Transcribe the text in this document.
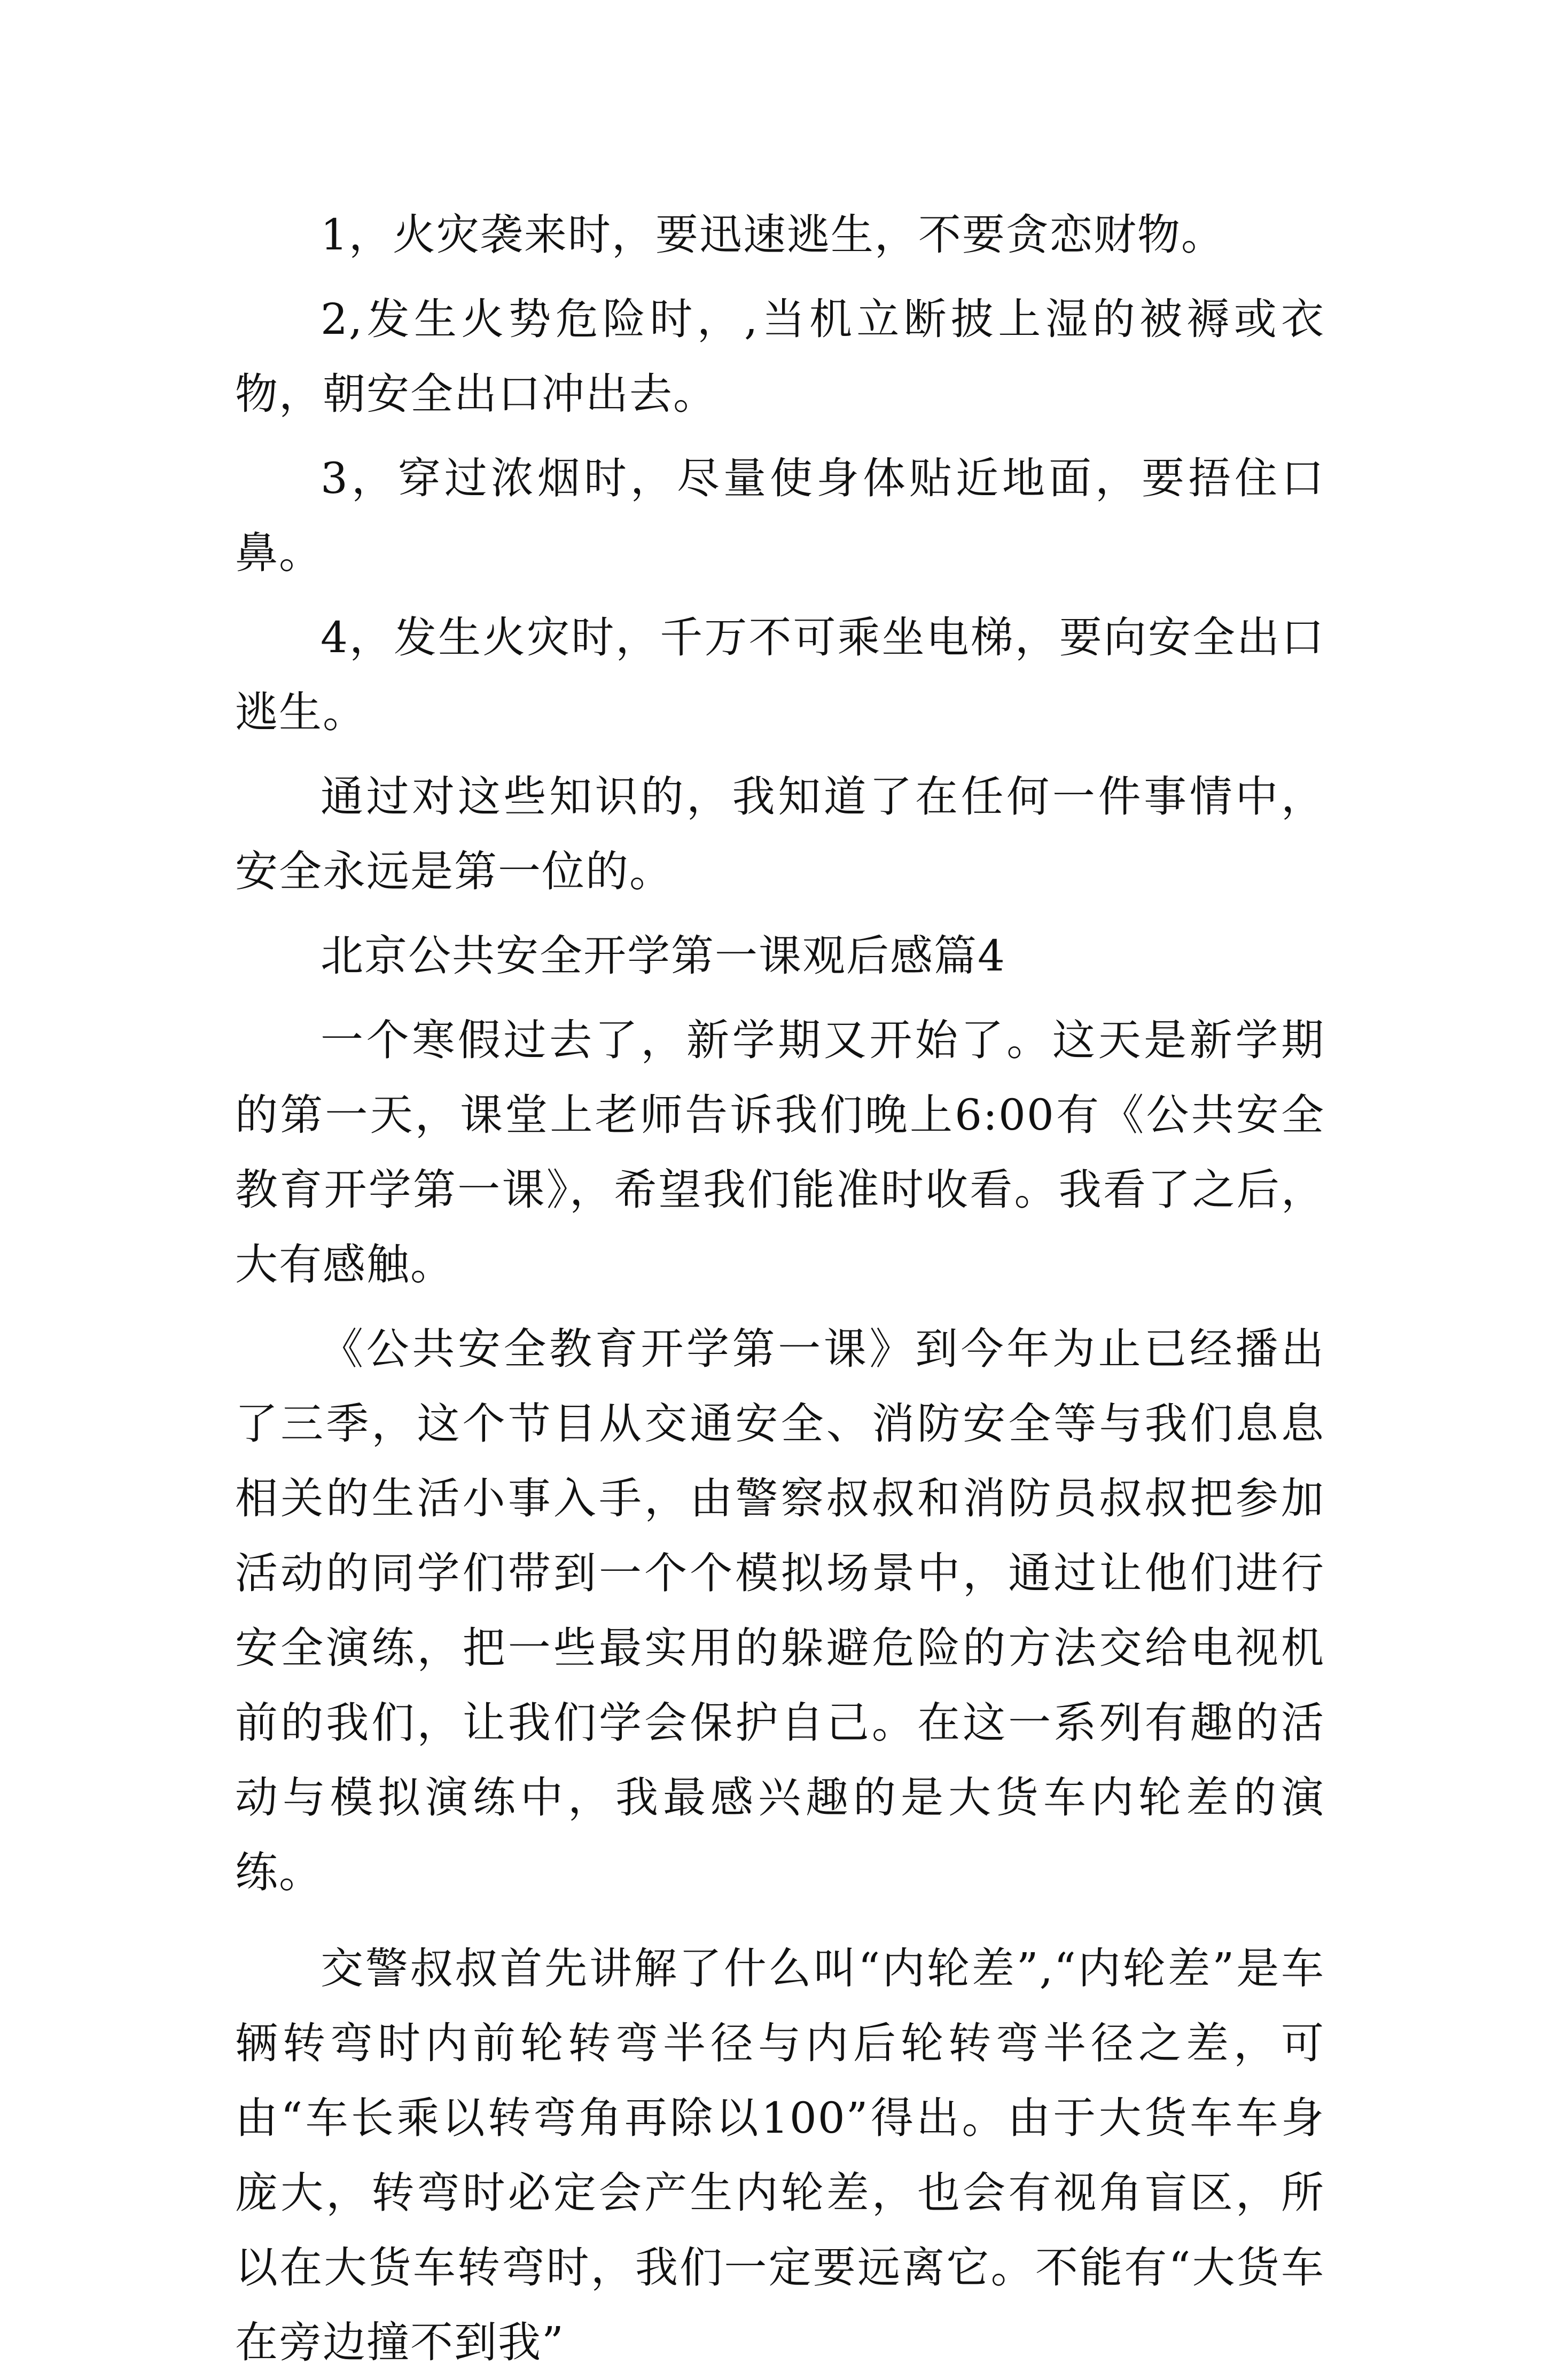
1，火灾袭来时，要迅速逃生，不要贪恋财物。

2,发生火势危险时，,当机立断披上湿的被褥或衣物，朝安全出口冲出去。

3，穿过浓烟时，尽量使身体贴近地面，要捂住口鼻。

4，发生火灾时，千万不可乘坐电梯，要向安全出口逃生。

通过对这些知识的，我知道了在任何一件事情中，安全永远是第一位的。

北京公共安全开学第一课观后感篇4

一个寒假过去了，新学期又开始了。这天是新学期的第一天，课堂上老师告诉我们晚上6:00有《公共安全教育开学第一课》，希望我们能准时收看。我看了之后，大有感触。

《公共安全教育开学第一课》到今年为止已经播出了三季，这个节目从交通安全、消防安全等与我们息息相关的生活小事入手，由警察叔叔和消防员叔叔把参加活动的同学们带到一个个模拟场景中，通过让他们进行安全演练，把一些最实用的躲避危险的方法交给电视机前的我们，让我们学会保护自己。在这一系列有趣的活动与模拟演练中，我最感兴趣的是大货车内轮差的演练。

交警叔叔首先讲解了什么叫“内轮差”,“内轮差”是车辆转弯时内前轮转弯半径与内后轮转弯半径之差，可由“车长乘以转弯角再除以100”得出。由于大货车车身庞大，转弯时必定会产生内轮差，也会有视角盲区，所以在大货车转弯时，我们一定要远离它。不能有“大货车在旁边撞不到我”
